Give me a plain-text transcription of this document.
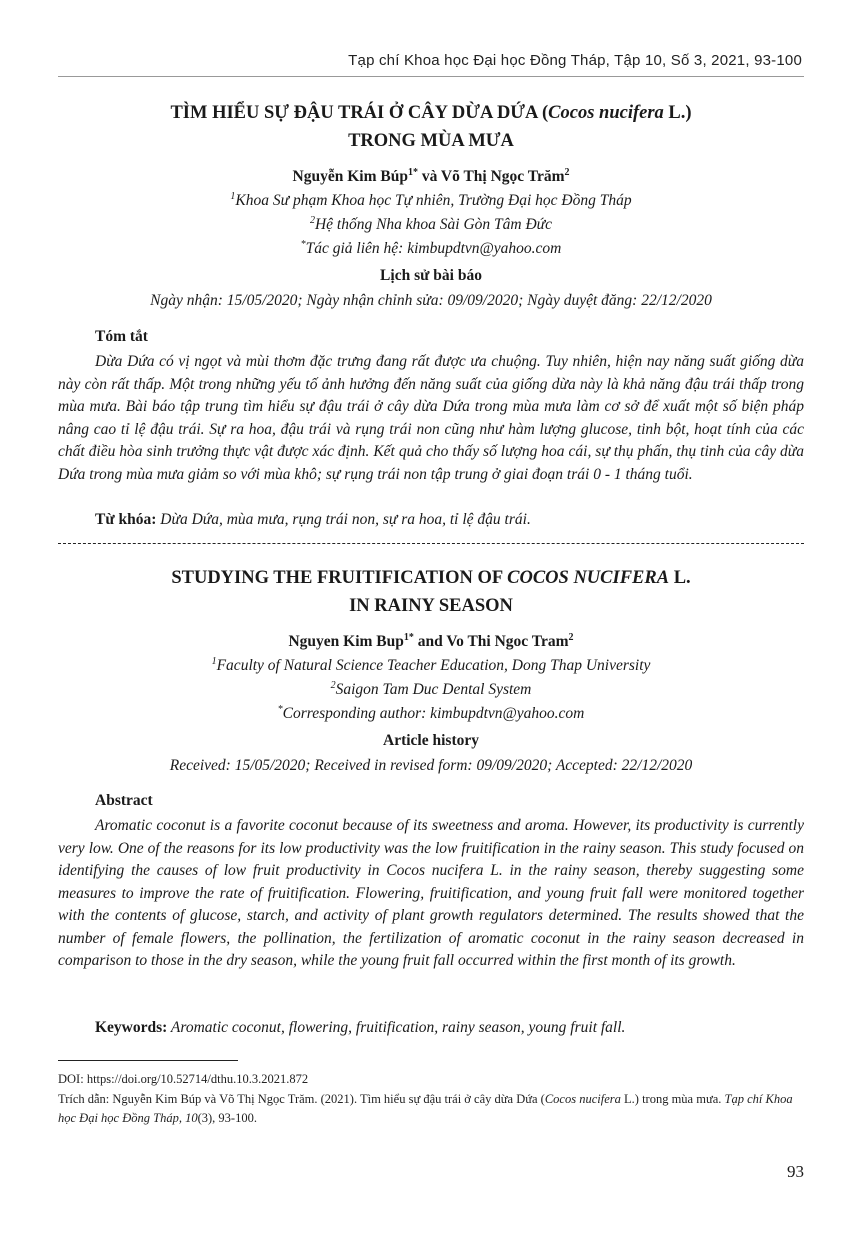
Tạp chí Khoa học Đại học Đồng Tháp, Tập 10, Số 3, 2021, 93-100
TÌM HIỂU SỰ ĐẬU TRÁI Ở CÂY DỪA DỨA (Cocos nucifera L.)
TRONG MÙA MƯA
Nguyễn Kim Búp$^{1*}$ và Võ Thị Ngọc Trăm$^2$
$^1$Khoa Sư phạm Khoa học Tự nhiên, Trường Đại học Đồng Tháp
$^2$Hệ thống Nha khoa Sài Gòn Tâm Đức
*Tác giả liên hệ: kimbupdtvn@yahoo.com
Lịch sử bài báo
Ngày nhận: 15/05/2020; Ngày nhận chỉnh sửa: 09/09/2020; Ngày duyệt đăng: 22/12/2020
Tóm tắt
Dừa Dứa có vị ngọt và mùi thơm đặc trưng đang rất được ưa chuộng. Tuy nhiên, hiện nay năng suất giống dừa này còn rất thấp. Một trong những yếu tố ảnh hưởng đến năng suất của giống dừa này là khả năng đậu trái thấp trong mùa mưa. Bài báo tập trung tìm hiểu sự đậu trái ở cây dừa Dứa trong mùa mưa làm cơ sở để xuất một số biện pháp nâng cao tỉ lệ đậu trái. Sự ra hoa, đậu trái và rụng trái non cũng như hàm lượng glucose, tinh bột, hoạt tính của các chất điều hòa sinh trưởng thực vật được xác định. Kết quả cho thấy số lượng hoa cái, sự thụ phấn, thụ tinh của cây dừa Dứa trong mùa mưa giảm so với mùa khô; sự rụng trái non tập trung ở giai đoạn trái 0 - 1 tháng tuổi.
Từ khóa: Dừa Dứa, mùa mưa, rụng trái non, sự ra hoa, tỉ lệ đậu trái.
STUDYING THE FRUITIFICATION OF COCOS NUCIFERA L.
IN RAINY SEASON
Nguyen Kim Bup$^{1*}$ and Vo Thi Ngoc Tram$^2$
$^1$Faculty of Natural Science Teacher Education, Dong Thap University
$^2$Saigon Tam Duc Dental System
*Corresponding author: kimbupdtvn@yahoo.com
Article history
Received: 15/05/2020; Received in revised form: 09/09/2020; Accepted: 22/12/2020
Abstract
Aromatic coconut is a favorite coconut because of its sweetness and aroma. However, its productivity is currently very low. One of the reasons for its low productivity was the low fruitification in the rainy season. This study focused on identifying the causes of low fruit productivity in Cocos nucifera L. in the rainy season, thereby suggesting some measures to improve the rate of fruitification. Flowering, fruitification, and young fruit fall were monitored together with the contents of glucose, starch, and activity of plant growth regulators determined. The results showed that the number of female flowers, the pollination, the fertilization of aromatic coconut in the rainy season decreased in comparison to those in the dry season, while the young fruit fall occurred within the first month of its growth.
Keywords: Aromatic coconut, flowering, fruitification, rainy season, young fruit fall.
DOI: https://doi.org/10.52714/dthu.10.3.2021.872
Trích dẫn: Nguyễn Kim Búp và Võ Thị Ngọc Trăm. (2021). Tìm hiểu sự đậu trái ở cây dừa Dứa (Cocos nucifera L.) trong mùa mưa. Tạp chí Khoa học Đại học Đồng Tháp, 10(3), 93-100.
93
